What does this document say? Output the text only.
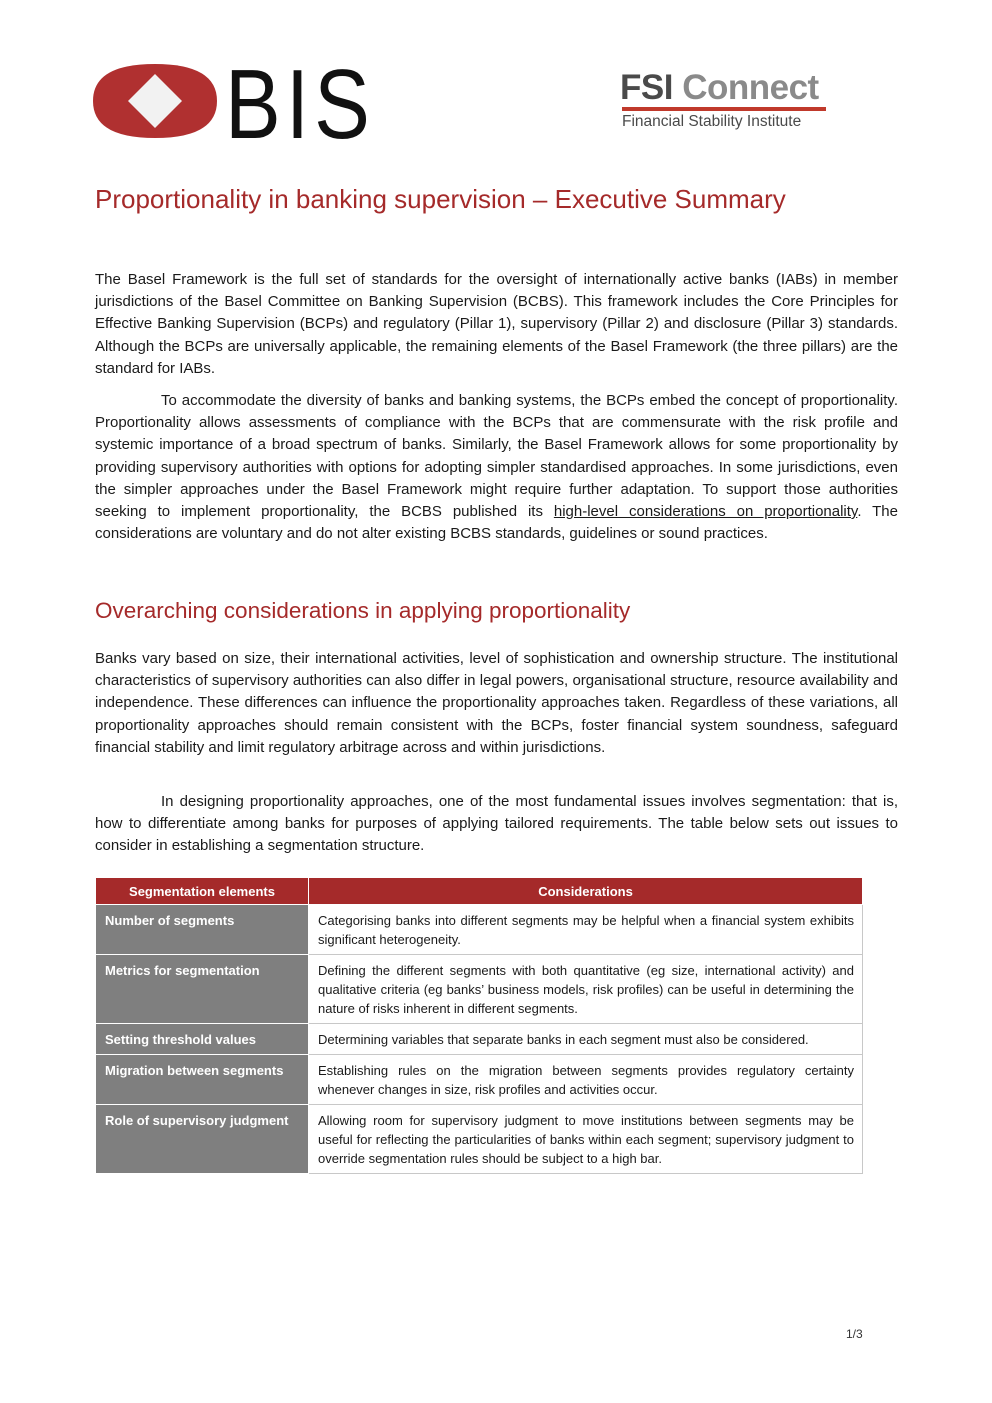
BIS	FSI Connect
Financial Stability Institute
Proportionality in banking supervision – Executive Summary

The Basel Framework is the full set of standards for the oversight of internationally active banks (IABs) in member jurisdictions of the Basel Committee on Banking Supervision (BCBS). This framework includes the Core Principles for Effective Banking Supervision (BCPs) and regulatory (Pillar 1), supervisory (Pillar 2) and disclosure (Pillar 3) standards. Although the BCPs are universally applicable, the remaining elements of the Basel Framework (the three pillars) are the standard for IABs.

To accommodate the diversity of banks and banking systems, the BCPs embed the concept of proportionality. Proportionality allows assessments of compliance with the BCPs that are commensurate with the risk profile and systemic importance of a broad spectrum of banks. Similarly, the Basel Framework allows for some proportionality by providing supervisory authorities with options for adopting simpler standardised approaches. In some jurisdictions, even the simpler approaches under the Basel Framework might require further adaptation. To support those authorities seeking to implement proportionality, the BCBS published its high-level considerations on proportionality. The considerations are voluntary and do not alter existing BCBS standards, guidelines or sound practices.

Overarching considerations in applying proportionality

Banks vary based on size, their international activities, level of sophistication and ownership structure. The institutional characteristics of supervisory authorities can also differ in legal powers, organisational structure, resource availability and independence. These differences can influence the proportionality approaches taken. Regardless of these variations, all proportionality approaches should remain consistent with the BCPs, foster financial system soundness, safeguard financial stability and limit regulatory arbitrage across and within jurisdictions.

In designing proportionality approaches, one of the most fundamental issues involves segmentation: that is, how to differentiate among banks for purposes of applying tailored requirements. The table below sets out issues to consider in establishing a segmentation structure.

Segmentation elements	Considerations
Number of segments	Categorising banks into different segments may be helpful when a financial system exhibits significant heterogeneity.
Metrics for segmentation	Defining the different segments with both quantitative (eg size, international activity) and qualitative criteria (eg banks’ business models, risk profiles) can be useful in determining the nature of risks inherent in different segments.
Setting threshold values	Determining variables that separate banks in each segment must also be considered.
Migration between segments	Establishing rules on the migration between segments provides regulatory certainty whenever changes in size, risk profiles and activities occur.
Role of supervisory judgment	Allowing room for supervisory judgment to move institutions between segments may be useful for reflecting the particularities of banks within each segment; supervisory judgment to override segmentation rules should be subject to a high bar.
1/3
